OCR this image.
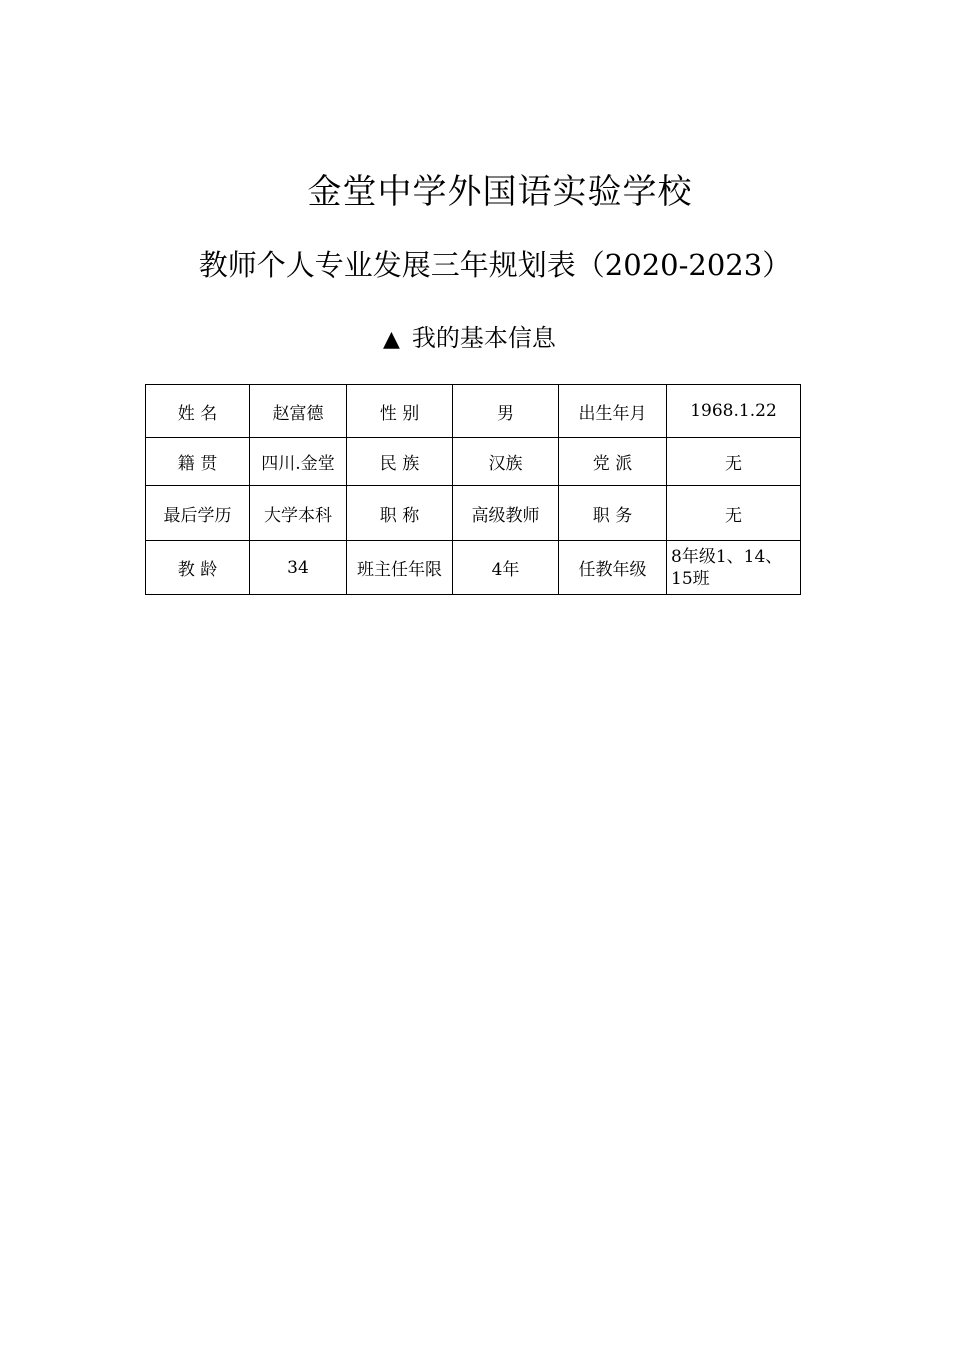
金堂中学外国语实验学校
教师个人专业发展三年规划表（2020-2023）
▲ 我的基本信息
姓 名	赵富德	性 别	男	出生年月	1968.1.22
籍 贯	四川.金堂	民 族	汉族	党 派	无
最后学历	大学本科	职 称	高级教师	职 务	无
教 龄	34	班主任年限	4年	任教年级	8年级1、14、15班
